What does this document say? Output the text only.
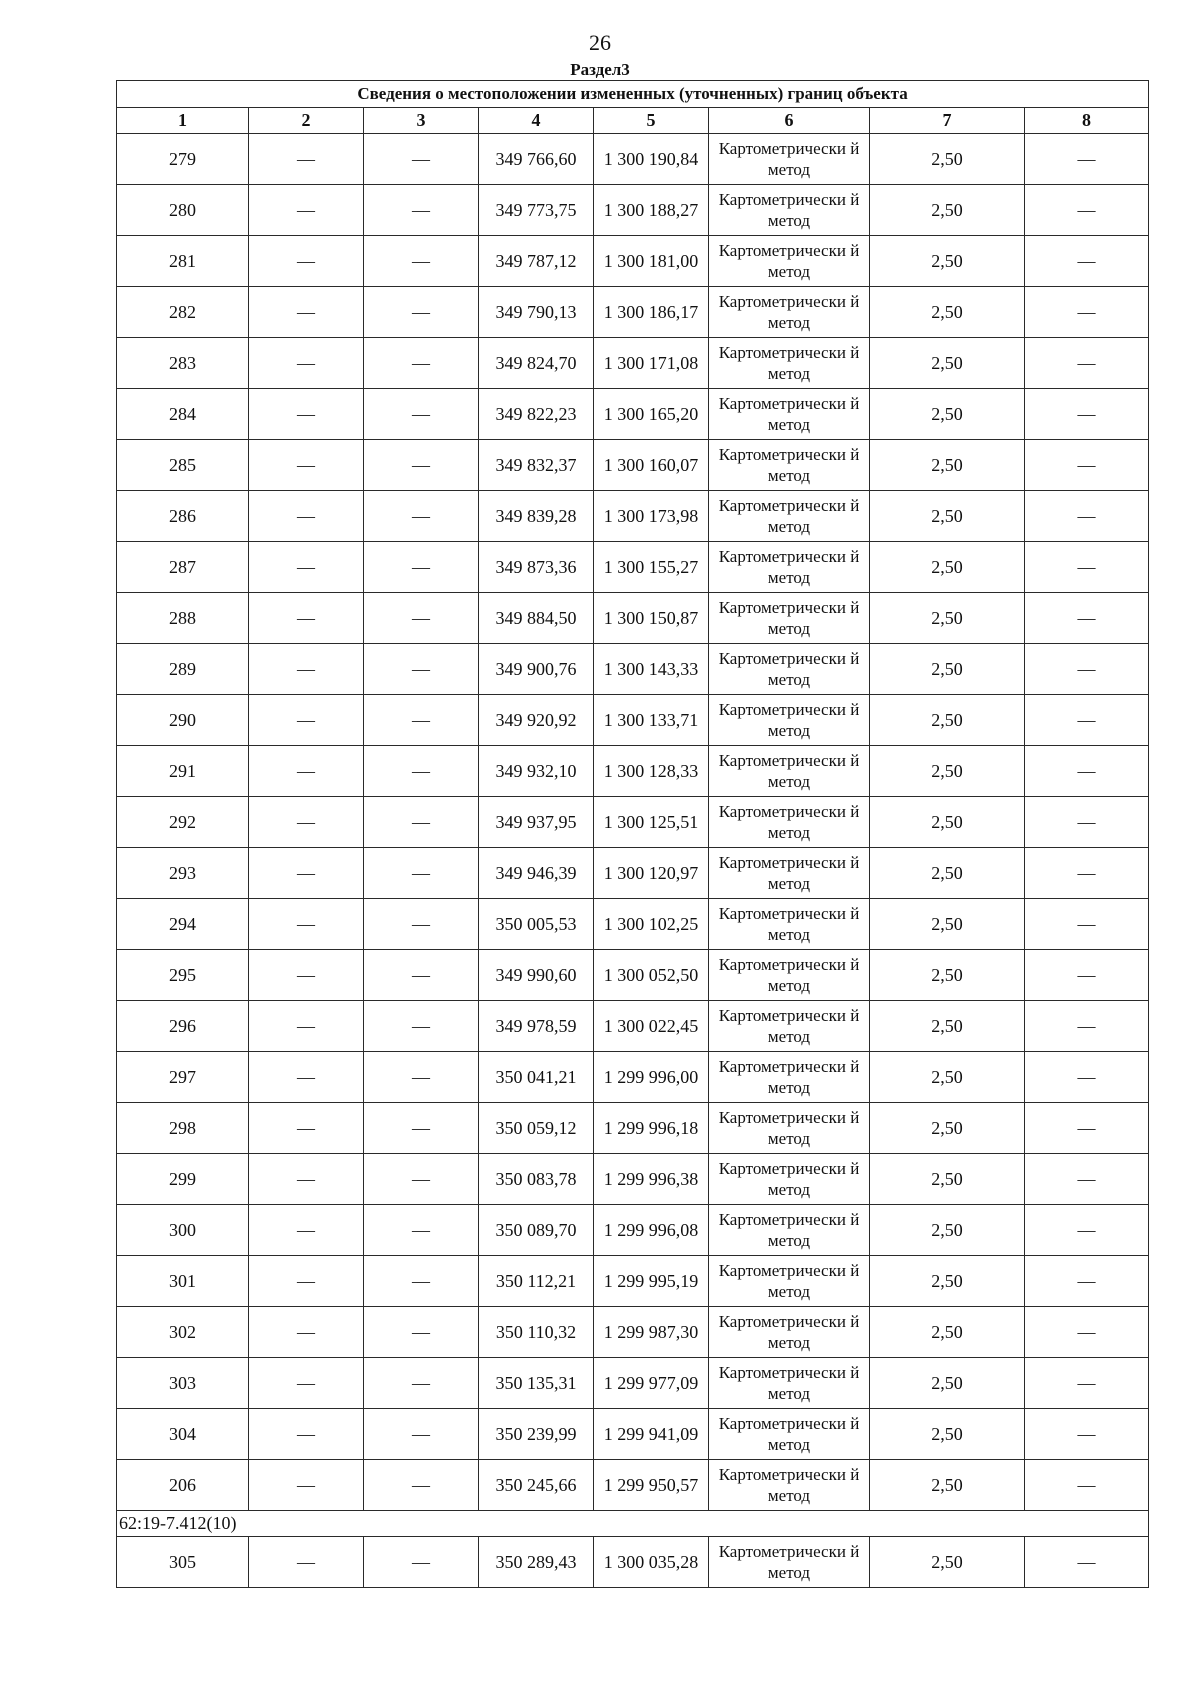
26
Раздел3
Сведения о местоположении измененных (уточненных) границ объекта							
1	2	3	4	5	6	7	8
279	—	—	349 766,60	1 300 190,84	Картометрически й метод	2,50	—
280	—	—	349 773,75	1 300 188,27	Картометрически й метод	2,50	—
281	—	—	349 787,12	1 300 181,00	Картометрически й метод	2,50	—
282	—	—	349 790,13	1 300 186,17	Картометрически й метод	2,50	—
283	—	—	349 824,70	1 300 171,08	Картометрически й метод	2,50	—
284	—	—	349 822,23	1 300 165,20	Картометрически й метод	2,50	—
285	—	—	349 832,37	1 300 160,07	Картометрически й метод	2,50	—
286	—	—	349 839,28	1 300 173,98	Картометрически й метод	2,50	—
287	—	—	349 873,36	1 300 155,27	Картометрически й метод	2,50	—
288	—	—	349 884,50	1 300 150,87	Картометрически й метод	2,50	—
289	—	—	349 900,76	1 300 143,33	Картометрически й метод	2,50	—
290	—	—	349 920,92	1 300 133,71	Картометрически й метод	2,50	—
291	—	—	349 932,10	1 300 128,33	Картометрически й метод	2,50	—
292	—	—	349 937,95	1 300 125,51	Картометрически й метод	2,50	—
293	—	—	349 946,39	1 300 120,97	Картометрически й метод	2,50	—
294	—	—	350 005,53	1 300 102,25	Картометрически й метод	2,50	—
295	—	—	349 990,60	1 300 052,50	Картометрически й метод	2,50	—
296	—	—	349 978,59	1 300 022,45	Картометрически й метод	2,50	—
297	—	—	350 041,21	1 299 996,00	Картометрически й метод	2,50	—
298	—	—	350 059,12	1 299 996,18	Картометрически й метод	2,50	—
299	—	—	350 083,78	1 299 996,38	Картометрически й метод	2,50	—
300	—	—	350 089,70	1 299 996,08	Картометрически й метод	2,50	—
301	—	—	350 112,21	1 299 995,19	Картометрически й метод	2,50	—
302	—	—	350 110,32	1 299 987,30	Картометрически й метод	2,50	—
303	—	—	350 135,31	1 299 977,09	Картометрически й метод	2,50	—
304	—	—	350 239,99	1 299 941,09	Картометрически й метод	2,50	—
206	—	—	350 245,66	1 299 950,57	Картометрически й метод	2,50	—
62:19-7.412(10)							
305	—	—	350 289,43	1 300 035,28	Картометрически й метод	2,50	—
